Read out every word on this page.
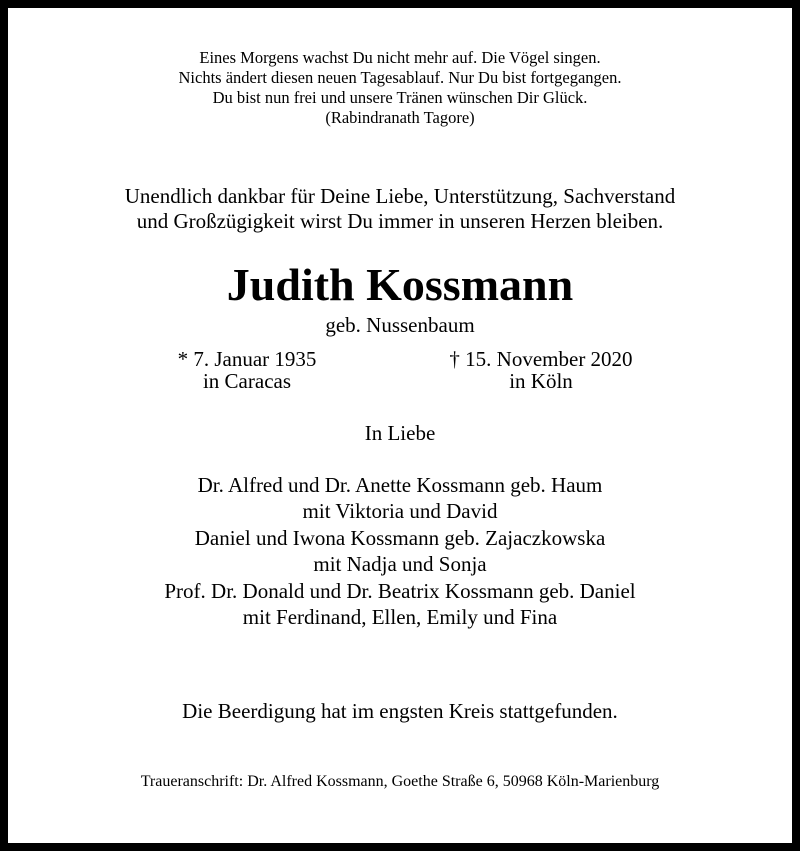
Eines Morgens wachst Du nicht mehr auf. Die Vögel singen.
Nichts ändert diesen neuen Tagesablauf. Nur Du bist fortgegangen.
Du bist nun frei und unsere Tränen wünschen Dir Glück.
(Rabindranath Tagore)
Unendlich dankbar für Deine Liebe, Unterstützung, Sachverstand
und Großzügigkeit wirst Du immer in unseren Herzen bleiben.
Judith Kossmann
geb. Nussenbaum
* 7. Januar 1935
in Caracas
† 15. November 2020
in Köln
In Liebe
Dr. Alfred und Dr. Anette Kossmann geb. Haum
mit Viktoria und David
Daniel und Iwona Kossmann geb. Zajaczkowska
mit Nadja und Sonja
Prof. Dr. Donald und Dr. Beatrix Kossmann geb. Daniel
mit Ferdinand, Ellen, Emily und Fina
Die Beerdigung hat im engsten Kreis stattgefunden.
Traueranschrift: Dr. Alfred Kossmann, Goethe Straße 6, 50968 Köln-Marienburg
